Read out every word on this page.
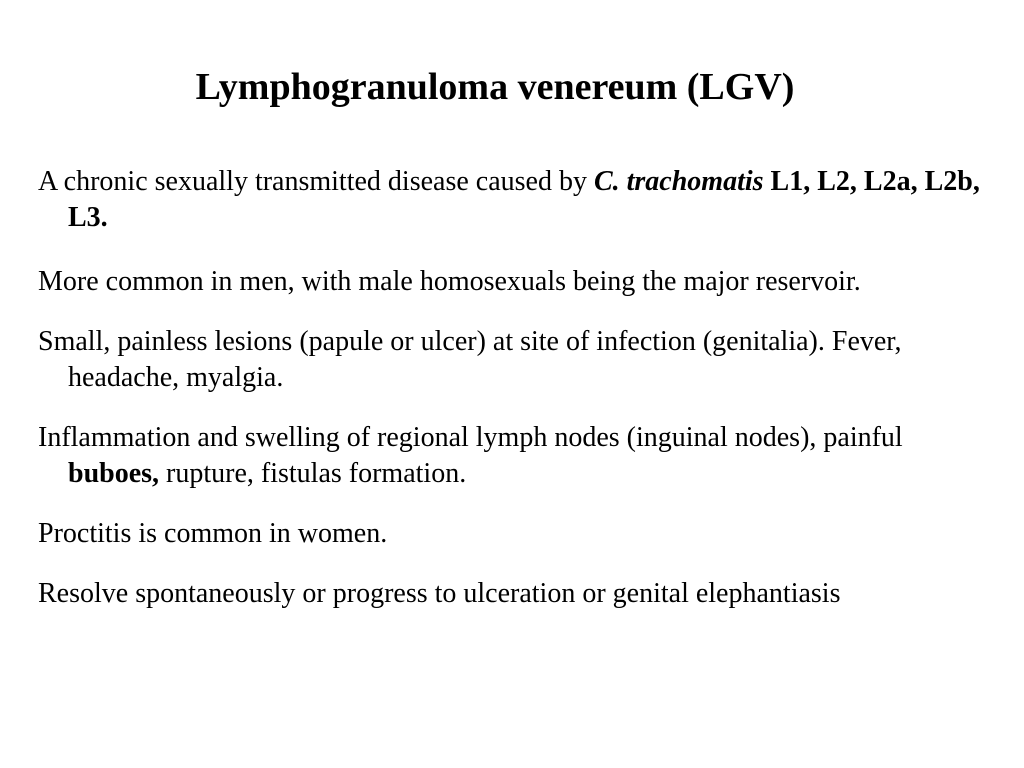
Lymphogranuloma venereum (LGV)

A chronic sexually transmitted disease caused by C. trachomatis L1, L2, L2a, L2b, L3.

More common in men, with male homosexuals being the major reservoir.

Small, painless lesions (papule or ulcer) at site of infection (genitalia). Fever, headache, myalgia.

Inflammation and swelling of regional lymph nodes (inguinal nodes), painful buboes, rupture, fistulas formation.

Proctitis is common in women.

Resolve spontaneously or progress to ulceration or genital elephantiasis
